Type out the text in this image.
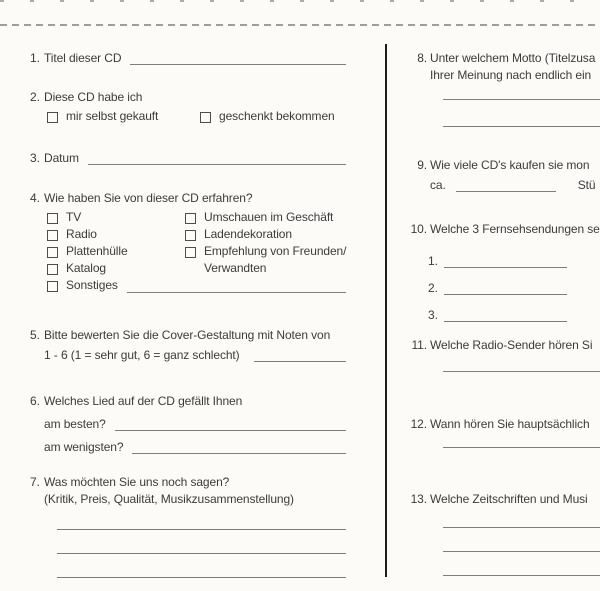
1. Titel dieser CD
2. Diese CD habe ich
mir selbst gekauft	geschenkt bekommen
3. Datum
4. Wie haben Sie von dieser CD erfahren?
TV	Umschauen im Geschäft
Radio	Ladendekoration
Plattenhülle	Empfehlung von Freunden/
Katalog	Verwandten
Sonstiges
5. Bitte bewerten Sie die Cover-Gestaltung mit Noten von
1 - 6 (1 = sehr gut, 6 = ganz schlecht)
6. Welches Lied auf der CD gefällt Ihnen
am besten?
am wenigsten?
7. Was möchten Sie uns noch sagen?
(Kritik, Preis, Qualität, Musikzusammenstellung)
8. Unter welchem Motto (Titelzusa
Ihrer Meinung nach endlich ein
9. Wie viele CD's kaufen sie mon
ca.	Stü
10. Welche 3 Fernsehsendungen se
1.
2.
3.
11. Welche Radio-Sender hören Si
12. Wann hören Sie hauptsächlich
13. Welche Zeitschriften und Musi
